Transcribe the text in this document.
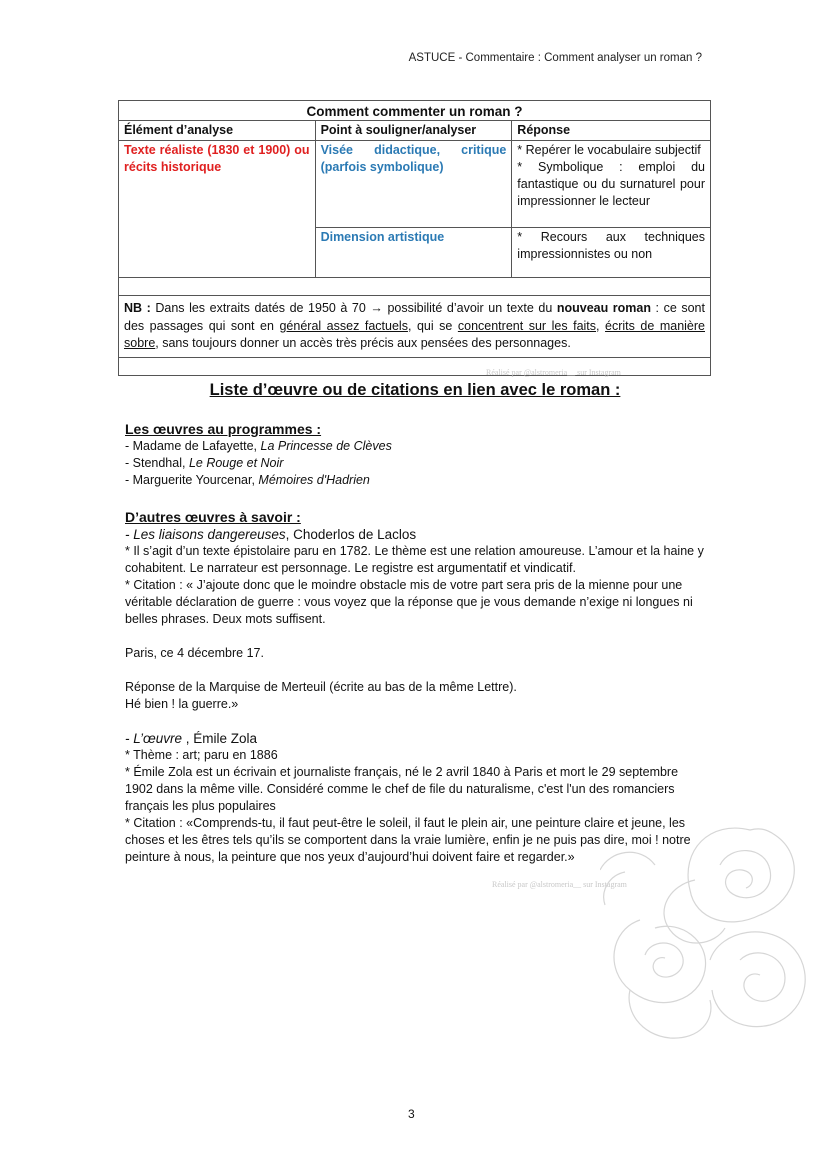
ASTUCE - Commentaire : Comment analyser un roman ?
Comment commenter un roman ?		
Élément d’analyse	Point à souligner/analyser	Réponse
Texte réaliste (1830 et 1900) ou récits historique	Visée didactique, critique (parfois symbolique)	* Repérer le vocabulaire subjectif
* Symbolique : emploi du fantastique ou du surnaturel pour impressionner le lecteur

	Dimension artistique	* Recours aux techniques impressionnistes ou non

NB : Dans les extraits datés de 1950 à 70 → possibilité d’avoir un texte du nouveau roman : ce sont des passages qui sont en général assez factuels, qui se concentrent sur les faits, écrits de manière sobre, sans toujours donner un accès très précis aux pensées des personnages.		

Réalisé par @alstromeria__ sur Instagram
Liste d’œuvre ou de citations en lien avec le roman :
Les œuvres au programmes :

- Madame de Lafayette, La Princesse de Clèves

- Stendhal, Le Rouge et Noir

- Marguerite Yourcenar, Mémoires d'Hadrien

D’autres œuvres à savoir :

- Les liaisons dangereuses, Choderlos de Laclos

* Il s’agit d’un texte épistolaire paru en 1782. Le thème est une relation amoureuse. L’amour et la haine y cohabitent. Le narrateur est personnage. Le registre est argumentatif et vindicatif.

* Citation : « J’ajoute donc que le moindre obstacle mis de votre part sera pris de la mienne pour une véritable déclaration de guerre : vous voyez que la réponse que je vous demande n’exige ni longues ni belles phrases. Deux mots suffisent.

Paris, ce 4 décembre 17.

Réponse de la Marquise de Merteuil (écrite au bas de la même Lettre).

Hé bien ! la guerre.»

- L’œuvre , Émile Zola

* Thème : art; paru en 1886

* Émile Zola est un écrivain et journaliste français, né le 2 avril 1840 à Paris et mort le 29 septembre 1902 dans la même ville. Considéré comme le chef de file du naturalisme, c'est l'un des romanciers français les plus populaires

* Citation : «Comprends-tu, il faut peut-être le soleil, il faut le plein air, une peinture claire et jeune, les choses et les êtres tels qu’ils se comportent dans la vraie lumière, enfin je ne puis pas dire, moi ! notre peinture à nous, la peinture que nos yeux d’aujourd’hui doivent faire et regarder.»

Réalisé par @alstromeria__ sur Instagram
3
